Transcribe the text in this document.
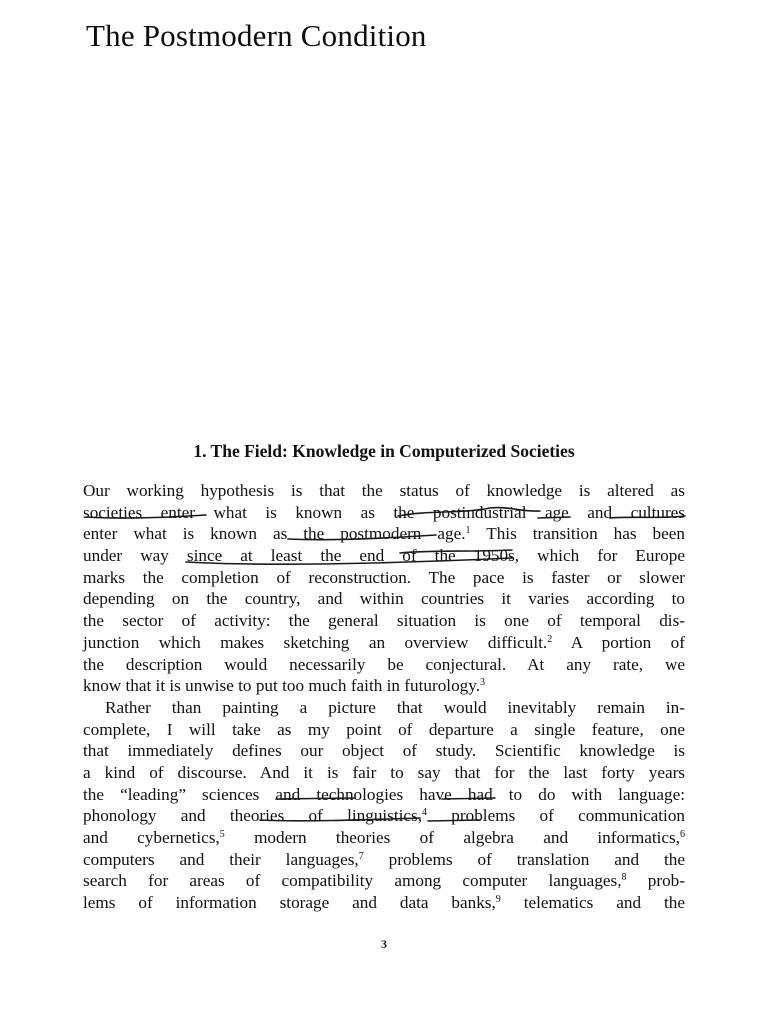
The Postmodern Condition
1. The Field: Knowledge in Computerized Societies
Our working hypothesis is that the status of knowledge is altered as
societies enter what is known as the postindustrial age and cultures
enter what is known as the postmodern age.$^1$ This transition has been
under way since at least the end of the 1950s, which for Europe
marks the completion of reconstruction. The pace is faster or slower
depending on the country, and within countries it varies according to
the sector of activity: the general situation is one of temporal dis-
junction which makes sketching an overview difficult.$^2$ A portion of
the description would necessarily be conjectural. At any rate, we
know that it is unwise to put too much faith in futurology.$^3$
Rather than painting a picture that would inevitably remain in-
complete, I will take as my point of departure a single feature, one
that immediately defines our object of study. Scientific knowledge is
a kind of discourse. And it is fair to say that for the last forty years
the “leading” sciences and technologies have had to do with language:
phonology and theories of linguistics,$^4$ problems of communication
and cybernetics,$^5$ modern theories of algebra and informatics,$^6$
computers and their languages,$^7$ problems of translation and the
search for areas of compatibility among computer languages,$^8$ prob-
lems of information storage and data banks,$^9$ telematics and the
3
